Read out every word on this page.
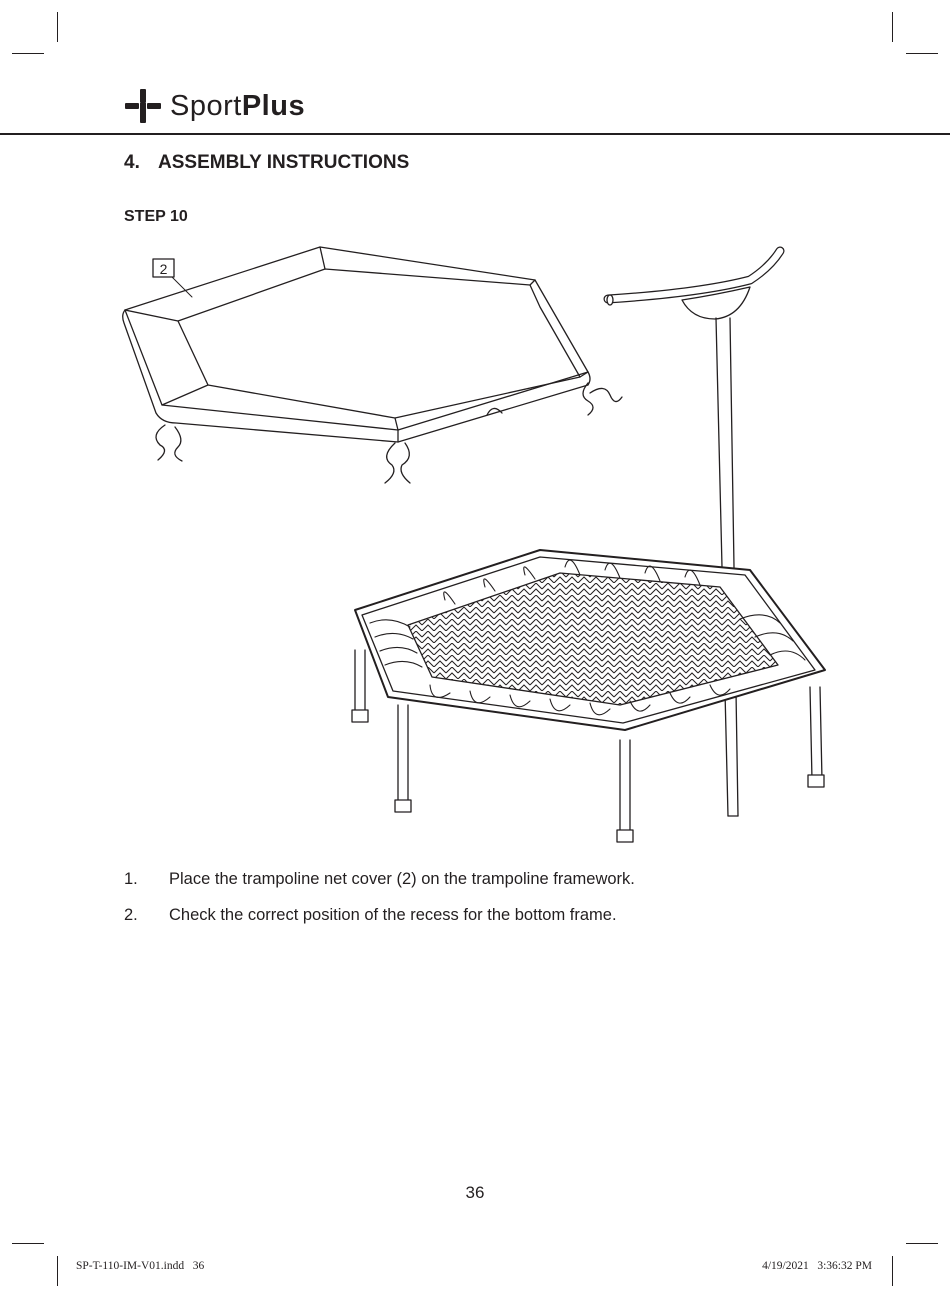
SportPlus
4. ASSEMBLY INSTRUCTIONS
STEP 10
2
1.	Place the trampoline net cover (2) on the trampoline framework.
2.	Check the correct position of the recess for the bottom frame.
36
SP-T-110-IM-V01.indd   36	4/19/2021   3:36:32 PM
